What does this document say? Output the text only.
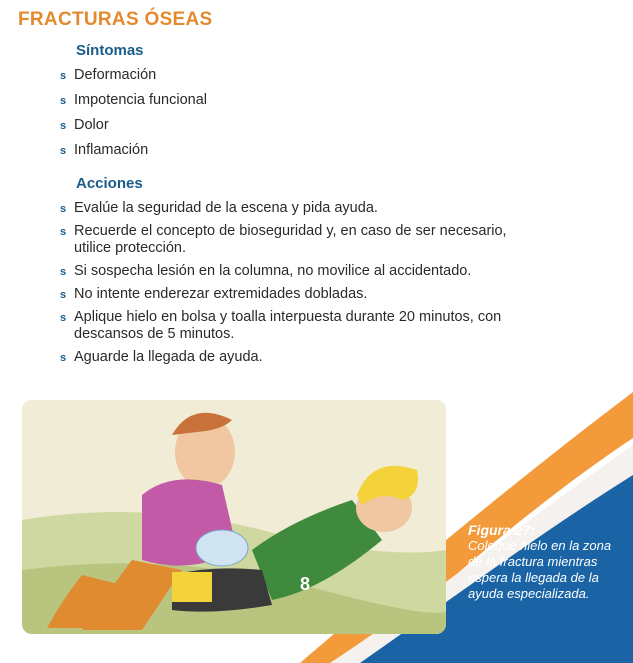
FRACTURAS ÓSEAS
Síntomas
s Deformación
s Impotencia funcional
s Dolor
s Inflamación
Acciones
s Evalúe la seguridad de la escena y pida ayuda.
s Recuerde el concepto de bioseguridad y, en caso de ser necesario, utilice protección.
s Si sospecha lesión en la columna, no movilice al accidentado.
s No intente enderezar extremidades dobladas.
s Aplique hielo en bolsa y toalla interpuesta durante 20 minutos, con descansos de 5 minutos.
s Aguarde la llegada de ayuda.
8
Figura 27:
Coloque hielo en la zona de la fractura mientras espera la llegada de la ayuda especializada.
